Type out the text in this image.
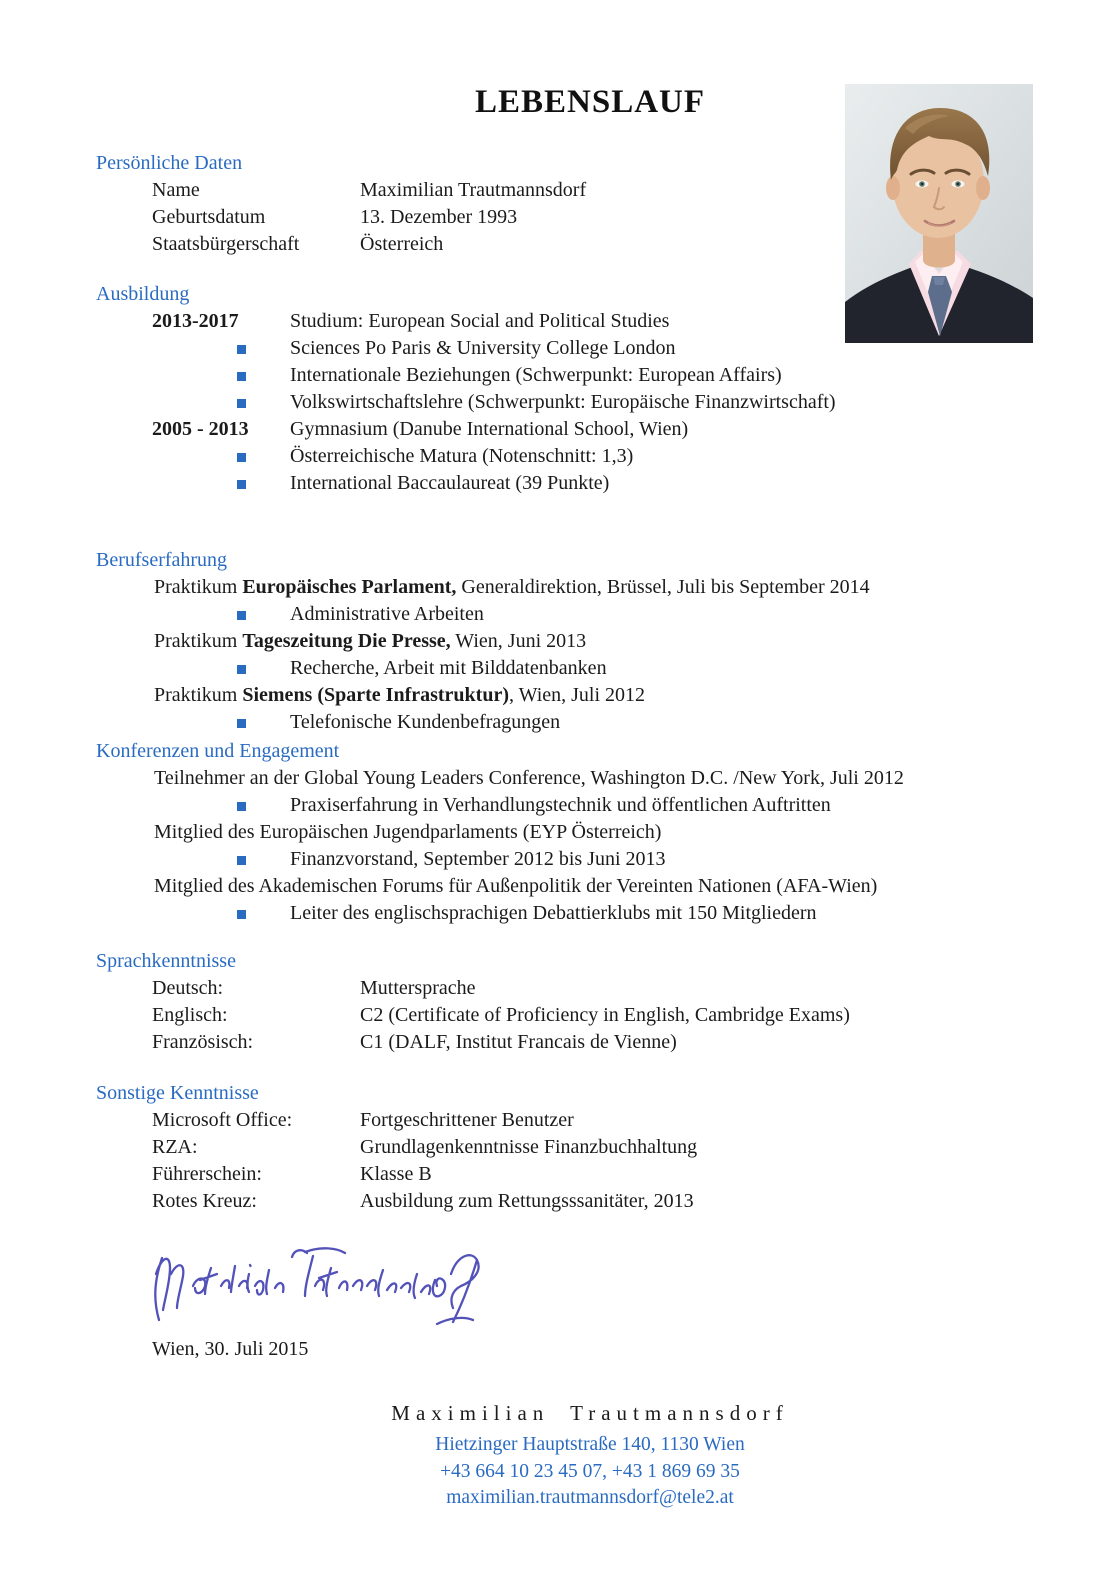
LEBENSLAUF
Persönliche Daten
Name	Maximilian Trautmannsdorf
Geburtsdatum	13. Dezember 1993
Staatsbürgerschaft	Österreich
Ausbildung
2013-2017	Studium: European Social and Political Studies
Sciences Po Paris & University College London
Internationale Beziehungen (Schwerpunkt: European Affairs)
Volkswirtschaftslehre (Schwerpunkt: Europäische Finanzwirtschaft)
2005 - 2013	Gymnasium (Danube International School, Wien)
Österreichische Matura (Notenschnitt: 1,3)
International Baccaulaureat (39 Punkte)
Berufserfahrung
Praktikum Europäisches Parlament, Generaldirektion, Brüssel, Juli bis September 2014
Administrative Arbeiten
Praktikum Tageszeitung Die Presse, Wien, Juni 2013
Recherche, Arbeit mit Bilddatenbanken
Praktikum Siemens (Sparte Infrastruktur), Wien, Juli 2012
Telefonische Kundenbefragungen
Konferenzen und Engagement
Teilnehmer an der Global Young Leaders Conference, Washington D.C. /New York, Juli 2012
Praxiserfahrung in Verhandlungstechnik und öffentlichen Auftritten
Mitglied des Europäischen Jugendparlaments (EYP Österreich)
Finanzvorstand, September 2012 bis Juni 2013
Mitglied des Akademischen Forums für Außenpolitik der Vereinten Nationen (AFA-Wien)
Leiter des englischsprachigen Debattierklubs mit 150 Mitgliedern
Sprachkenntnisse
Deutsch:	Muttersprache
Englisch:	C2 (Certificate of Proficiency in English, Cambridge Exams)
Französisch:	C1 (DALF, Institut Francais de Vienne)
Sonstige Kenntnisse
Microsoft Office:	Fortgeschrittener Benutzer
RZA:	Grundlagenkenntnisse Finanzbuchhaltung
Führerschein:	Klasse B
Rotes Kreuz:	Ausbildung zum Rettungsssanitäter, 2013
Wien, 30. Juli 2015
Maximilian Trautmannsdorf
Hietzinger Hauptstraße 140, 1130 Wien
+43 664 10 23 45 07, +43 1 869 69 35
maximilian.trautmannsdorf@tele2.at
